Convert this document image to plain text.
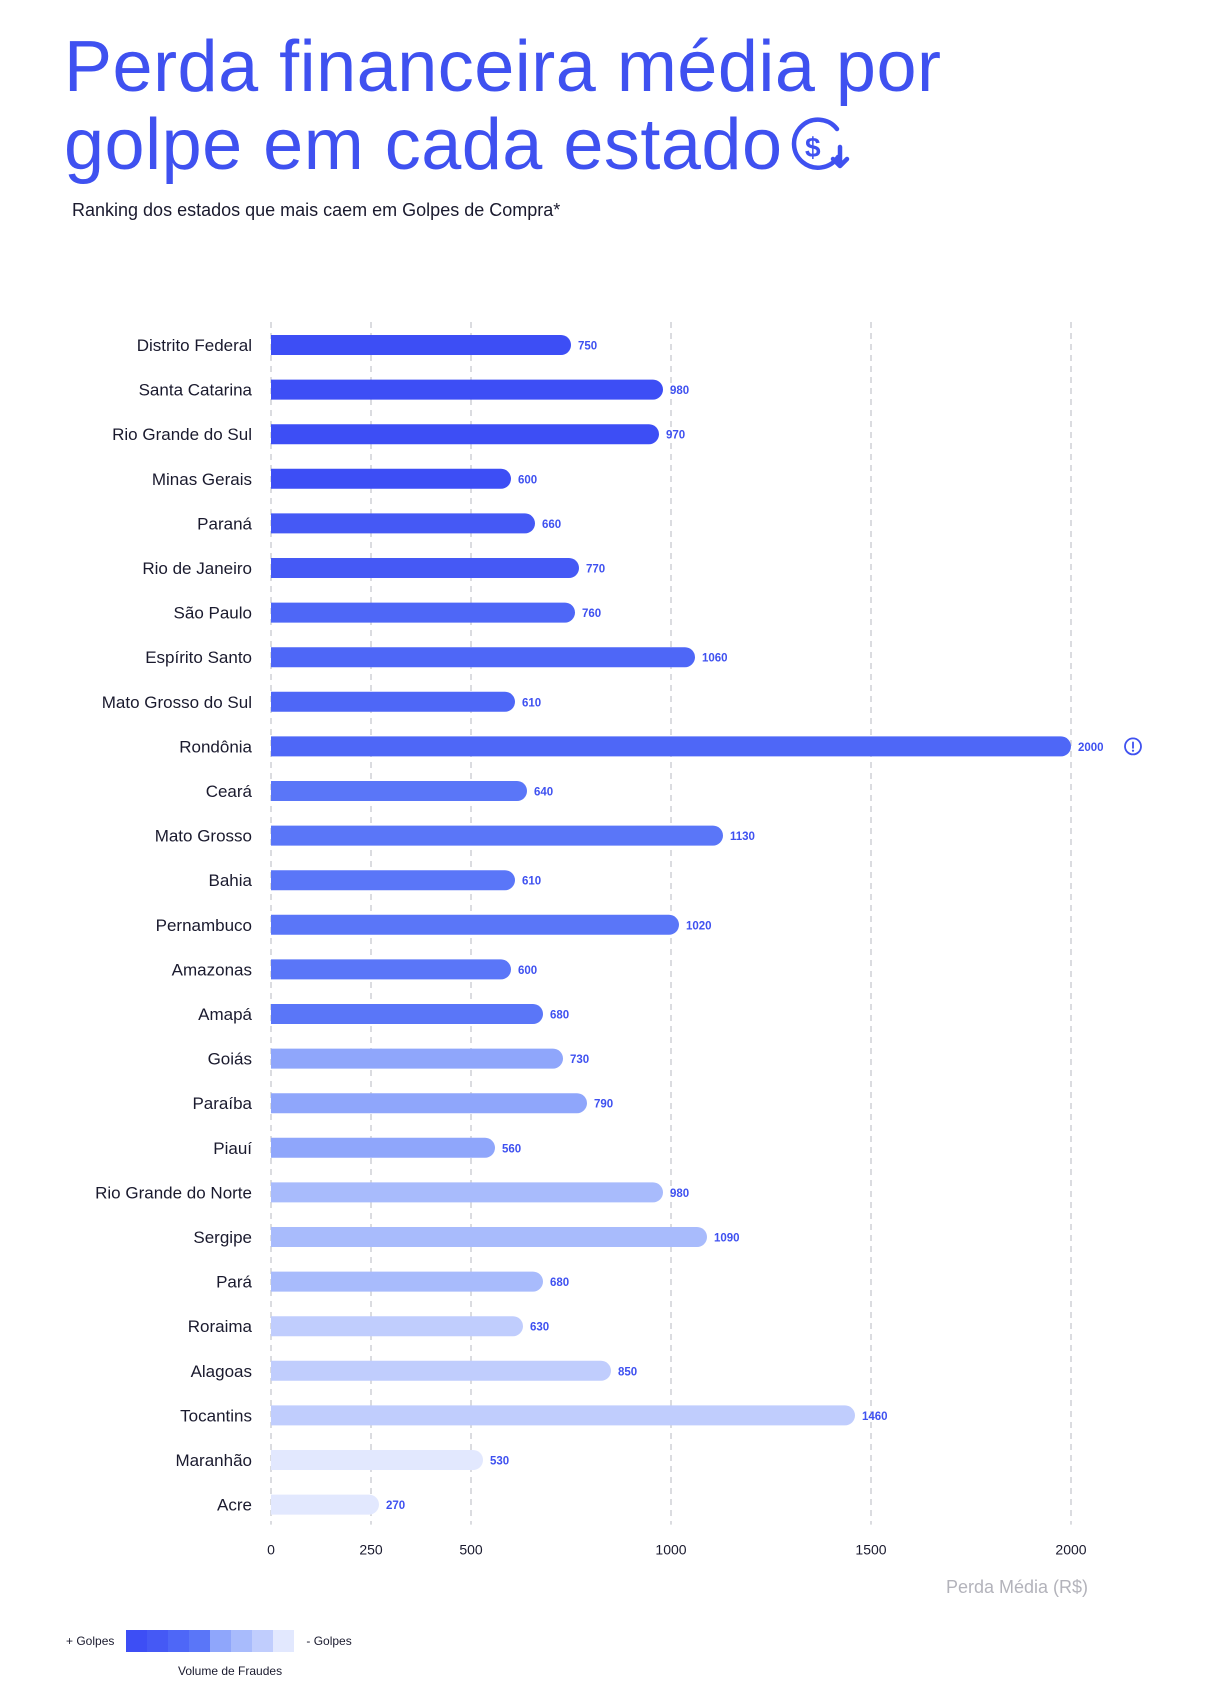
Perda financeira média por
golpe em cada estado $
Ranking dos estados que mais caem em Golpes de Compra*
0	250	500	1000	1500	2000
Distrito Federal	750
Santa Catarina	980
Rio Grande do Sul	970
Minas Gerais	600
Paraná	660
Rio de Janeiro	770
São Paulo	760
Espírito Santo	1060
Mato Grosso do Sul	610
Rondônia	2000
Ceará	640
Mato Grosso	1130
Bahia	610
Pernambuco	1020
Amazonas	600
Amapá	680
Goiás	730
Paraíba	790
Piauí	560
Rio Grande do Norte	980
Sergipe	1090
Pará	680
Roraima	630
Alagoas	850
Tocantins	1460
Maranhão	530
Acre	270
Perda Média (R$)
+ Golpes	- Golpes
Volume de Fraudes
